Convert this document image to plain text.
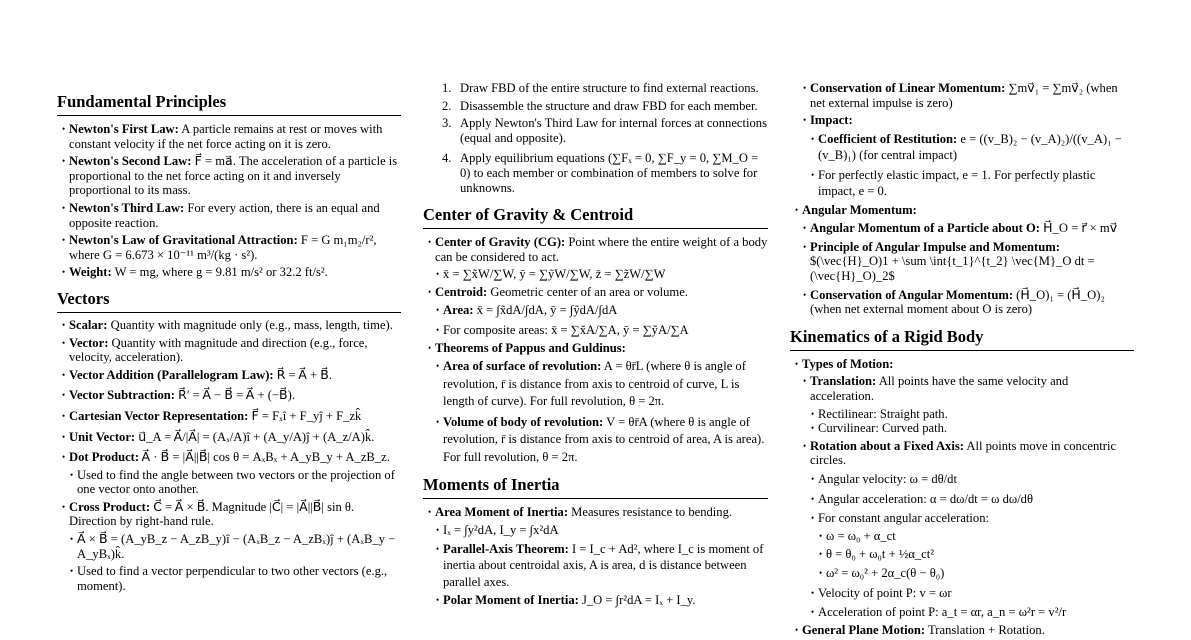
Fundamental Principles
• Newton's First Law: A particle remains at rest or moves with constant velocity if the net force acting on it is zero.
• Newton's Second Law: F⃗ = ma⃗. The acceleration of a particle is proportional to the net force acting on it and inversely proportional to its mass.
• Newton's Third Law: For every action, there is an equal and opposite reaction.
• Newton's Law of Gravitational Attraction: F = G m₁m₂/r², where G = 6.673 × 10⁻¹¹ m³/(kg · s²).
• Weight: W = mg, where g = 9.81 m/s² or 32.2 ft/s².
Vectors
• Scalar: Quantity with magnitude only (e.g., mass, length, time).
• Vector: Quantity with magnitude and direction (e.g., force, velocity, acceleration).
• Vector Addition (Parallelogram Law): R⃗ = A⃗ + B⃗.
• Vector Subtraction: R⃗′ = A⃗ − B⃗ = A⃗ + (−B⃗).
• Cartesian Vector Representation: F⃗ = Fₓî + F_yĵ + F_zk̂
• Unit Vector: u⃗_A = A⃗/|A⃗| = (Aₓ/A)î + (A_y/A)ĵ + (A_z/A)k̂.
• Dot Product: A⃗ · B⃗ = |A⃗||B⃗| cos θ = AₓBₓ + A_yB_y + A_zB_z.
• Used to find the angle between two vectors or the projection of one vector onto another.
• Cross Product: C⃗ = A⃗ × B⃗. Magnitude |C⃗| = |A⃗||B⃗| sin θ. Direction by right-hand rule.
• A⃗ × B⃗ = (A_yB_z − A_zB_y)î − (AₓB_z − A_zBₓ)ĵ + (AₓB_y − A_yBₓ)k̂.
• Used to find a vector perpendicular to two other vectors (e.g., moment).
1. Draw FBD of the entire structure to find external reactions.
2. Disassemble the structure and draw FBD for each member.
3. Apply Newton's Third Law for internal forces at connections (equal and opposite).
4. Apply equilibrium equations (∑Fₓ = 0, ∑F_y = 0, ∑M_O = 0) to each member or combination of members to solve for unknowns.
Center of Gravity & Centroid
• Center of Gravity (CG): Point where the entire weight of a body can be considered to act.
• x̄ = ∑x̃W/∑W, ȳ = ∑ỹW/∑W, z̄ = ∑z̃W/∑W
• Centroid: Geometric center of an area or volume.
• Area: x̄ = ∫x̃dA/∫dA, ȳ = ∫ỹdA/∫dA
• For composite areas: x̄ = ∑x̃A/∑A, ȳ = ∑ỹA/∑A
• Theorems of Pappus and Guldinus:
• Area of surface of revolution: A = θr̄L (where θ is angle of revolution, r̄ is distance from axis to centroid of curve, L is length of curve). For full revolution, θ = 2π.
• Volume of body of revolution: V = θr̄A (where θ is angle of revolution, r̄ is distance from axis to centroid of area, A is area). For full revolution, θ = 2π.
Moments of Inertia
• Area Moment of Inertia: Measures resistance to bending.
• Iₓ = ∫y²dA, I_y = ∫x²dA
• Parallel-Axis Theorem: I = I_c + Ad², where I_c is moment of inertia about centroidal axis, A is area, d is distance between parallel axes.
• Polar Moment of Inertia: J_O = ∫r²dA = Iₓ + I_y.
• Conservation of Linear Momentum: ∑mv⃗₁ = ∑mv⃗₂ (when net external impulse is zero)
• Impact:
• Coefficient of Restitution: e = ((v_B)₂ − (v_A)₂)/((v_A)₁ − (v_B)₁) (for central impact)
• For perfectly elastic impact, e = 1. For perfectly plastic impact, e = 0.
• Angular Momentum:
• Angular Momentum of a Particle about O: H⃗_O = r⃗ × mv⃗
• Principle of Angular Impulse and Momentum:
$(\vec{H}_O)1 + \sum \int{t_1}^{t_2} \vec{M}_O dt = (\vec{H}_O)_2$
• Conservation of Angular Momentum: (H⃗_O)₁ = (H⃗_O)₂ (when net external moment about O is zero)
Kinematics of a Rigid Body
• Types of Motion:
• Translation: All points have the same velocity and acceleration.
• Rectilinear: Straight path.
• Curvilinear: Curved path.
• Rotation about a Fixed Axis: All points move in concentric circles.
• Angular velocity: ω = dθ/dt
• Angular acceleration: α = dω/dt = ω dω/dθ
• For constant angular acceleration:
• ω = ω₀ + α_ct
• θ = θ₀ + ω₀t + ½α_ct²
• ω² = ω₀² + 2α_c(θ − θ₀)
• Velocity of point P: v = ωr
• Acceleration of point P: a_t = αr, a_n = ω²r = v²/r
• General Plane Motion: Translation + Rotation.
